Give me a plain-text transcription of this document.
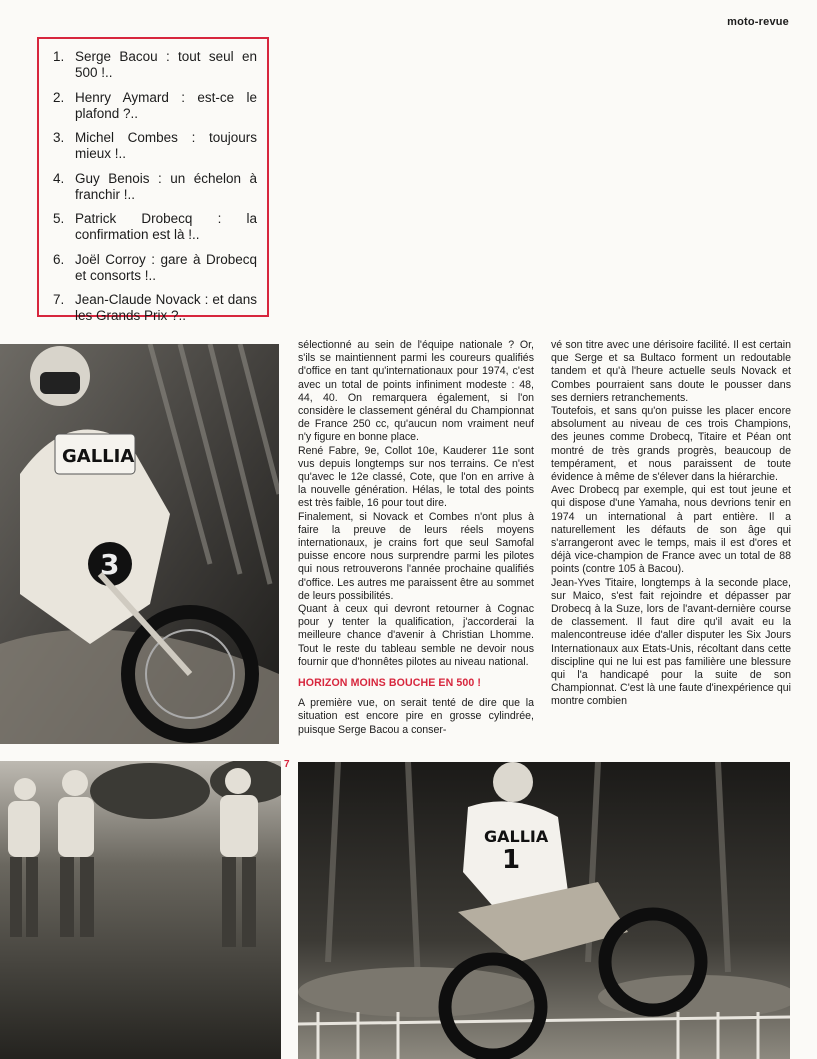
moto-revue
1. Serge Bacou : tout seul en 500 !..
2. Henry Aymard : est-ce le plafond ?..
3. Michel Combes : toujours mieux !..
4. Guy Benois : un échelon à franchir !..
5. Patrick Drobecq : la confirmation est là !..
6. Joël Corroy : gare à Drobecq et consorts !..
7. Jean-Claude Novack : et dans les Grands Prix ?..
GALLIA
3
GALLIA
1
7

sélectionné au sein de l'équipe nationale ? Or, s'ils se maintiennent parmi les coureurs qualifiés d'office en tant qu'internationaux pour 1974, c'est avec un total de points infiniment modeste : 48, 44, 40. On remarquera également, si l'on considère le classement général du Championnat de France 250 cc, qu'aucun nom vraiment neuf n'y figure en bonne place.

René Fabre, 9e, Collot 10e, Kauderer 11e sont vus depuis longtemps sur nos terrains. Ce n'est qu'avec le 12e classé, Cote, que l'on en arrive à la nouvelle génération. Hélas, le total des points est très faible, 16 pour tout dire.

Finalement, si Novack et Combes n'ont plus à faire la preuve de leurs réels moyens internationaux, je crains fort que seul Samofal puisse encore nous surprendre parmi les pilotes qui nous retrouverons l'année prochaine qualifiés d'office. Les autres me paraissent être au sommet de leurs possibilités.

Quant à ceux qui devront retourner à Cognac pour y tenter la qualification, j'accorderai la meilleure chance d'avenir à Christian Lhomme. Tout le reste du tableau semble ne devoir nous fournir que d'honnêtes pilotes au niveau national.

HORIZON MOINS BOUCHE EN 500 !

A première vue, on serait tenté de dire que la situation est encore pire en grosse cylindrée, puisque Serge Bacou a conser-

vé son titre avec une dérisoire facilité. Il est certain que Serge et sa Bultaco forment un redoutable tandem et qu'à l'heure actuelle seuls Novack et Combes pourraient sans doute le pousser dans ses derniers retranchements.

Toutefois, et sans qu'on puisse les placer encore absolument au niveau de ces trois Champions, des jeunes comme Drobecq, Titaire et Péan ont montré de très grands progrès, beaucoup de tempérament, et nous paraissent de toute évidence à même de s'élever dans la hiérarchie.

Avec Drobecq par exemple, qui est tout jeune et qui dispose d'une Yamaha, nous devrions tenir en 1974 un international à part entière. Il a naturellement les défauts de son âge qui s'arrangeront avec le temps, mais il est d'ores et déjà vice-champion de France avec un total de 88 points (contre 105 à Bacou).

Jean-Yves Titaire, longtemps à la seconde place, sur Maico, s'est fait rejoindre et dépasser par Drobecq à la Suze, lors de l'avant-dernière course de classement. Il faut dire qu'il avait eu la malencontreuse idée d'aller disputer les Six Jours Internationaux aux Etats-Unis, récoltant dans cette discipline qui ne lui est pas familière une blessure qui l'a handicapé pour la suite de son Championnat. C'est là une faute d'inexpérience qui montre combien
